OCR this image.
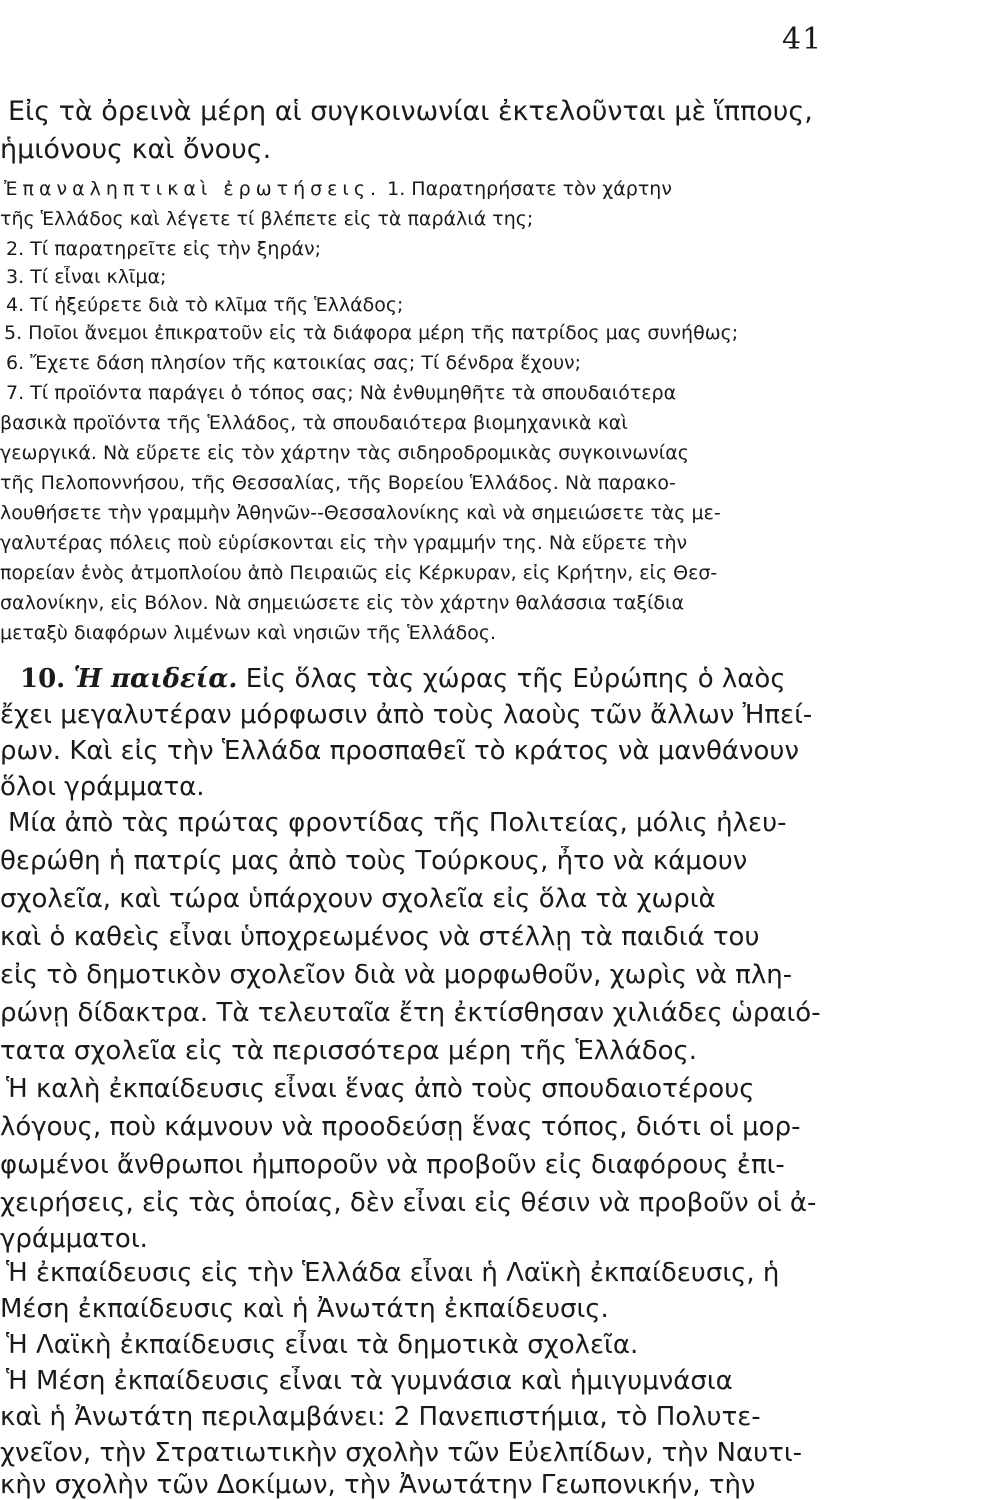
41
Εἰς τὰ ὀρεινὰ μέρη αἱ συγκοινωνίαι ἐκτελοῦνται μὲ ἵππους,
ἡμιόνους καὶ ὄνους.
Ἐπαναληπτικαὶ ἐρωτήσεις. 1. Παρατηρήσατε τὸν χάρτην
τῆς Ἑλλάδος καὶ λέγετε τί βλέπετε εἰς τὰ παράλιά της;
2. Τί παρατηρεῖτε εἰς τὴν ξηράν;
3. Τί εἶναι κλῖμα;
4. Τί ἠξεύρετε διὰ τὸ κλῖμα τῆς Ἑλλάδος;
5. Ποῖοι ἄνεμοι ἐπικρατοῦν εἰς τὰ διάφορα μέρη τῆς πατρίδος μας συνήθως;
6. Ἔχετε δάση πλησίον τῆς κατοικίας σας; Τί δένδρα ἔχουν;
7. Τί προϊόντα παράγει ὁ τόπος σας; Νὰ ἐνθυμηθῆτε τὰ σπουδαιότερα
βασικὰ προϊόντα τῆς Ἑλλάδος, τὰ σπουδαιότερα βιομηχανικὰ καὶ
γεωργικά. Νὰ εὕρετε εἰς τὸν χάρτην τὰς σιδηροδρομικὰς συγκοινωνίας
τῆς Πελοποννήσου, τῆς Θεσσαλίας, τῆς Βορείου Ἑλλάδος. Νὰ παρακο-
λουθήσετε τὴν γραμμὴν Ἀθηνῶν--Θεσσαλονίκης καὶ νὰ σημειώσετε τὰς με-
γαλυτέρας πόλεις ποὺ εὑρίσκονται εἰς τὴν γραμμήν της. Νὰ εὕρετε τὴν
πορείαν ἑνὸς ἀτμοπλοίου ἀπὸ Πειραιῶς εἰς Κέρκυραν, εἰς Κρήτην, εἰς Θεσ-
σαλονίκην, εἰς Βόλον. Νὰ σημειώσετε εἰς τὸν χάρτην θαλάσσια ταξίδια
μεταξὺ διαφόρων λιμένων καὶ νησιῶν τῆς Ἑλλάδος.
10. Ἡ παιδεία. Εἰς ὅλας τὰς χώρας τῆς Εὐρώπης ὁ λαὸς
ἔχει μεγαλυτέραν μόρφωσιν ἀπὸ τοὺς λαοὺς τῶν ἄλλων Ἠπεί-
ρων. Καὶ εἰς τὴν Ἑλλάδα προσπαθεῖ τὸ κράτος νὰ μανθάνουν
ὅλοι γράμματα.
Μία ἀπὸ τὰς πρώτας φροντίδας τῆς Πολιτείας, μόλις ἠλευ-
θερώθη ἡ πατρίς μας ἀπὸ τοὺς Τούρκους, ἦτο νὰ κάμουν
σχολεῖα, καὶ τώρα ὑπάρχουν σχολεῖα εἰς ὅλα τὰ χωριὰ
καὶ ὁ καθεὶς εἶναι ὑποχρεωμένος νὰ στέλλῃ τὰ παιδιά του
εἰς τὸ δημοτικὸν σχολεῖον διὰ νὰ μορφωθοῦν, χωρὶς νὰ πλη-
ρώνῃ δίδακτρα. Τὰ τελευταῖα ἔτη ἐκτίσθησαν χιλιάδες ὡραιό-
τατα σχολεῖα εἰς τὰ περισσότερα μέρη τῆς Ἑλλάδος.
Ἡ καλὴ ἐκπαίδευσις εἶναι ἕνας ἀπὸ τοὺς σπουδαιοτέρους
λόγους, ποὺ κάμνουν νὰ προοδεύσῃ ἕνας τόπος, διότι οἱ μορ-
φωμένοι ἄνθρωποι ἠμποροῦν νὰ προβοῦν εἰς διαφόρους ἐπι-
χειρήσεις, εἰς τὰς ὁποίας, δὲν εἶναι εἰς θέσιν νὰ προβοῦν οἱ ἀ-
γράμματοι.
Ἡ ἐκπαίδευσις εἰς τὴν Ἑλλάδα εἶναι ἡ Λαϊκὴ ἐκπαίδευσις, ἡ
Μέση ἐκπαίδευσις καὶ ἡ Ἀνωτάτη ἐκπαίδευσις.
Ἡ Λαϊκὴ ἐκπαίδευσις εἶναι τὰ δημοτικὰ σχολεῖα.
Ἡ Μέση ἐκπαίδευσις εἶναι τὰ γυμνάσια καὶ ἡμιγυμνάσια
καὶ ἡ Ἀνωτάτη περιλαμβάνει: 2 Πανεπιστήμια, τὸ Πολυτε-
χνεῖον, τὴν Στρατιωτικὴν σχολὴν τῶν Εὐελπίδων, τὴν Ναυτι-
κὴν σχολὴν τῶν Δοκίμων, τὴν Ἀνωτάτην Γεωπονικήν, τὴν
